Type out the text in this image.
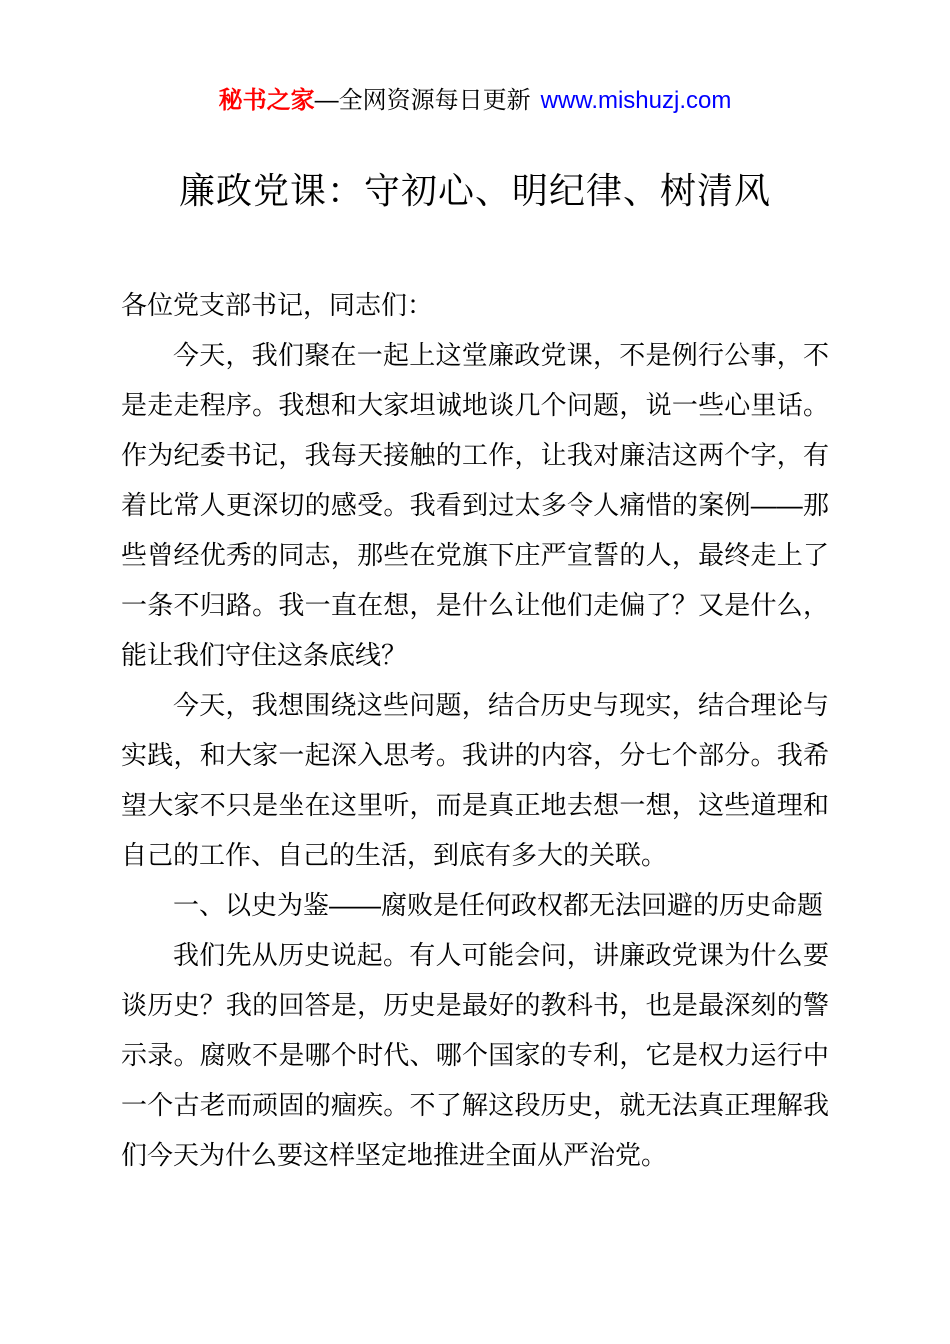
秘书之家—全网资源每日更新 www.mishuzj.com
廉政党课：守初心、明纪律、树清风

各位党支部书记，同志们：

今天，我们聚在一起上这堂廉政党课，不是例行公事，不是走走程序。我想和大家坦诚地谈几个问题，说一些心里话。作为纪委书记，我每天接触的工作，让我对廉洁这两个字，有着比常人更深切的感受。我看到过太多令人痛惜的案例——那些曾经优秀的同志，那些在党旗下庄严宣誓的人，最终走上了一条不归路。我一直在想，是什么让他们走偏了？又是什么，能让我们守住这条底线？

今天，我想围绕这些问题，结合历史与现实，结合理论与实践，和大家一起深入思考。我讲的内容，分七个部分。我希望大家不只是坐在这里听，而是真正地去想一想，这些道理和自己的工作、自己的生活，到底有多大的关联。

一、以史为鉴——腐败是任何政权都无法回避的历史命题

我们先从历史说起。有人可能会问，讲廉政党课为什么要谈历史？我的回答是，历史是最好的教科书，也是最深刻的警示录。腐败不是哪个时代、哪个国家的专利，它是权力运行中一个古老而顽固的痼疾。不了解这段历史，就无法真正理解我们今天为什么要这样坚定地推进全面从严治党。
